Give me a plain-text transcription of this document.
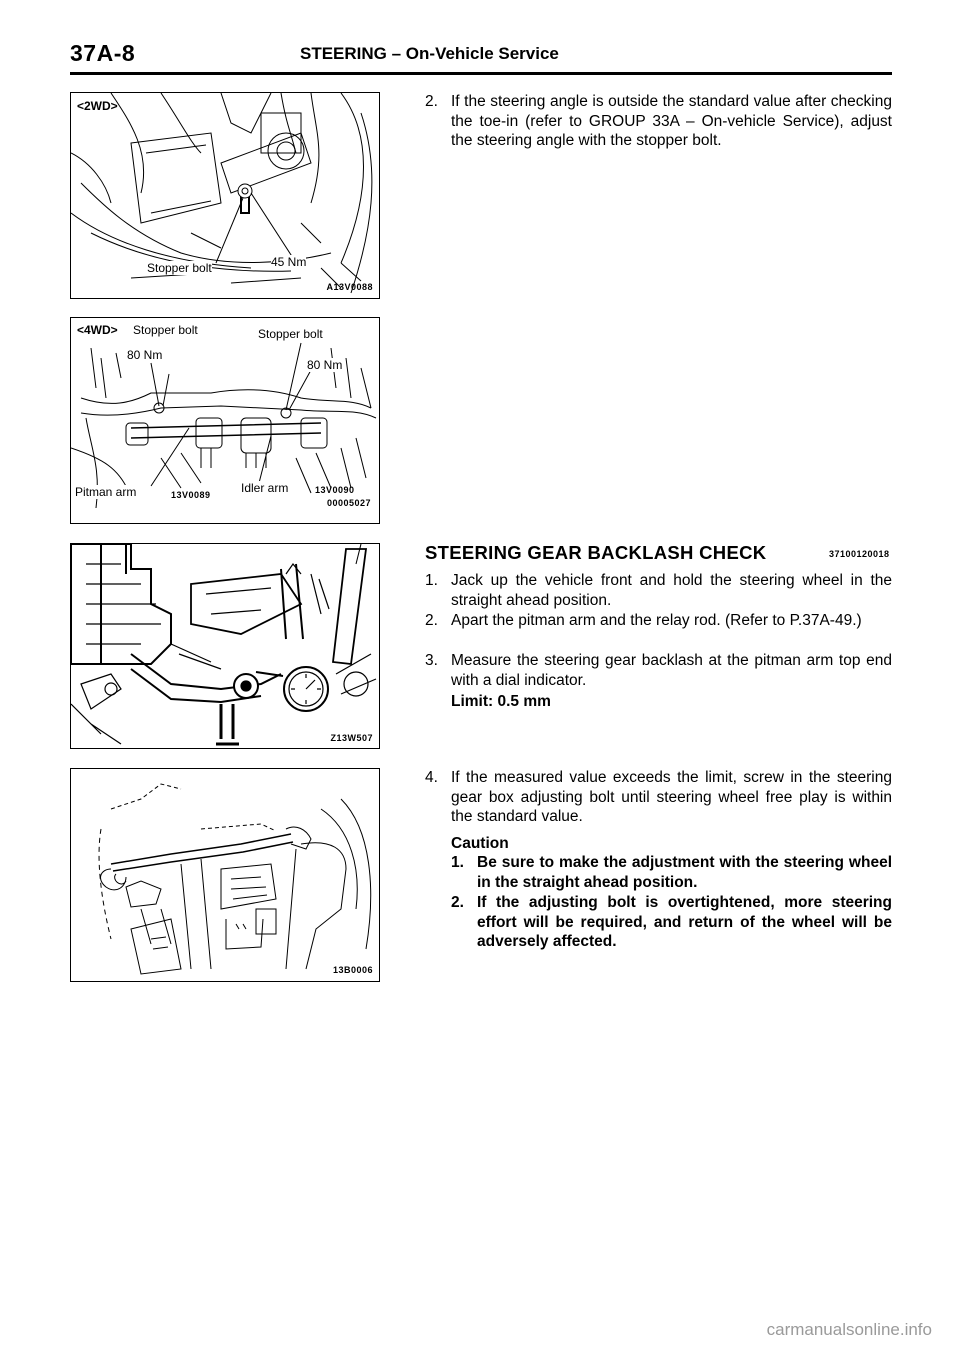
37A-8	STEERING – On-Vehicle Service
<2WD>
Stopper bolt	45 Nm
A13V0088
<4WD> Stopper bolt	Stopper bolt
80 Nm
80 Nm
Pitman arm	13V0089	Idler arm	13V0090
00005027
Z13W507
13B0006
2. If the steering angle is outside the standard value after checking the toe-in (refer to GROUP 33A – On-vehicle Service), adjust the steering angle with the stopper bolt.
STEERING GEAR BACKLASH CHECK	37100120018
1. Jack up the vehicle front and hold the steering wheel in the straight ahead position.
2. Apart the pitman arm and the relay rod. (Refer to P.37A-49.)
3. Measure the steering gear backlash at the pitman arm top end with a dial indicator.
Limit: 0.5 mm
4. If the measured value exceeds the limit, screw in the steering gear box adjusting bolt until steering wheel free play is within the standard value.
Caution
1. Be sure to make the adjustment with the steering wheel in the straight ahead position.
2. If the adjusting bolt is overtightened, more steering effort will be required, and return of the wheel will be adversely affected.
carmanualsonline.info
